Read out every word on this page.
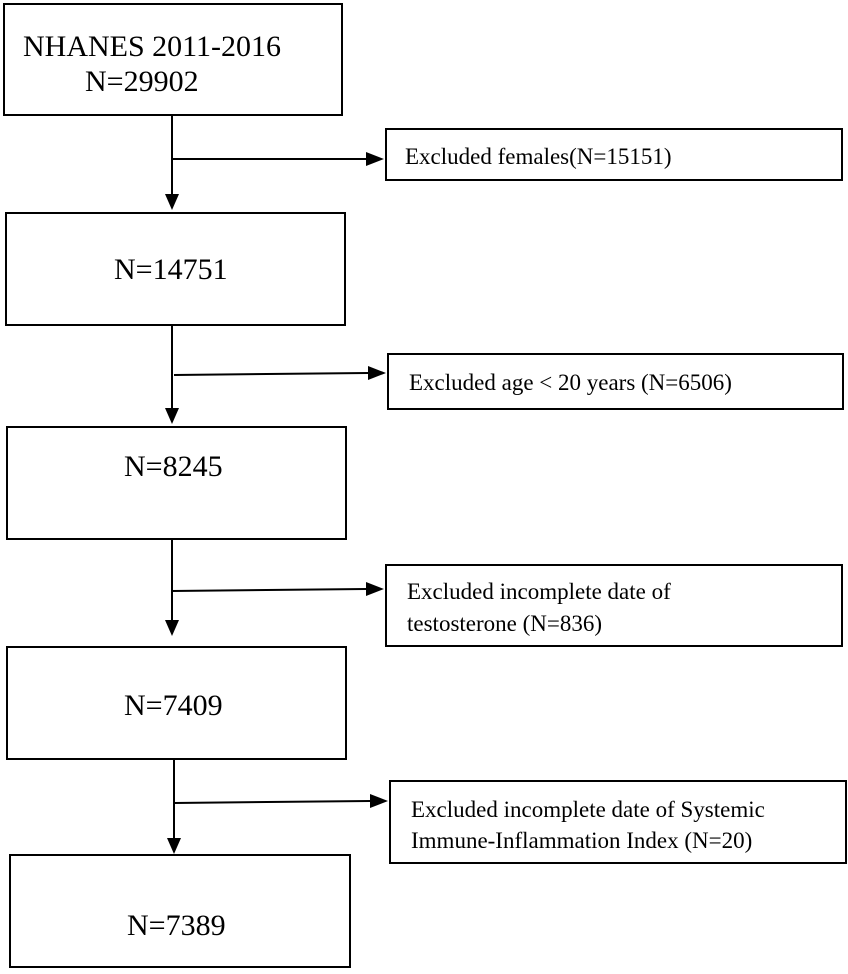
NHANES 2011-2016
N=29902
N=14751
N=8245
N=7409
N=7389
Excluded females(N=15151)
Excluded age < 20 years (N=6506)
Excluded incomplete date of
testosterone (N=836)
Excluded incomplete date of Systemic
Immune-Inflammation Index (N=20)
